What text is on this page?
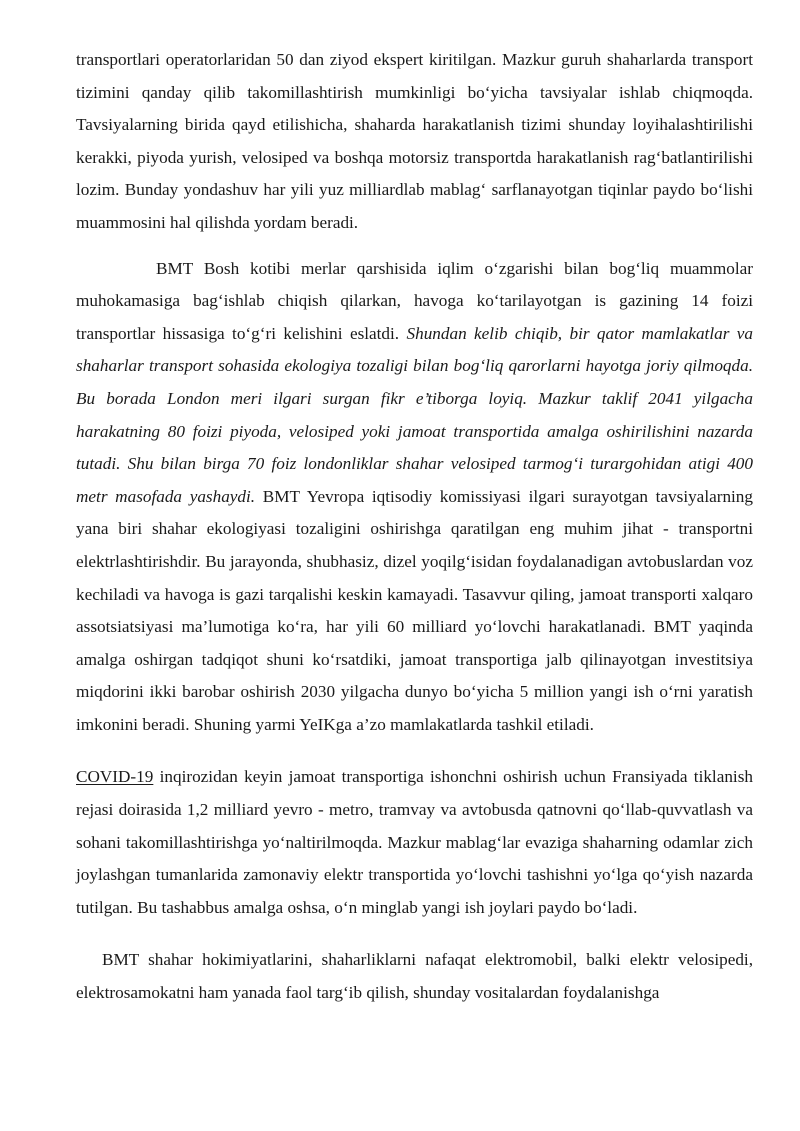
transportlari operatorlaridan 50 dan ziyod ekspert kiritilgan. Mazkur guruh shaharlarda transport tizimini qanday qilib takomillashtirish mumkinligi bo‘yicha tavsiyalar ishlab chiqmoqda. Tavsiyalarning birida qayd etilishicha, shaharda harakatlanish tizimi shunday loyihalashtirilishi kerakki, piyoda yurish, velosiped va boshqa motorsiz transportda harakatlanish rag‘batlantirilishi lozim. Bunday yondashuv har yili yuz milliardlab mablag‘ sarflanayotgan tiqinlar paydo bo‘lishi muammosini hal qilishda yordam beradi.

BMT Bosh kotibi merlar qarshisida iqlim o‘zgarishi bilan bog‘liq muammolar muhokamasiga bag‘ishlab chiqish qilarkan, havoga ko‘tarilayotgan is gazining 14 foizi transportlar hissasiga to‘g‘ri kelishini eslatdi. Shundan kelib chiqib, bir qator mamlakatlar va shaharlar transport sohasida ekologiya tozaligi bilan bog‘liq qarorlarni hayotga joriy qilmoqda. Bu borada London meri ilgari surgan fikr e’tiborga loyiq. Mazkur taklif 2041 yilgacha harakatning 80 foizi piyoda, velosiped yoki jamoat transportida amalga oshirilishini nazarda tutadi. Shu bilan birga 70 foiz londonliklar shahar velosiped tarmog‘i turargohidan atigi 400 metr masofada yashaydi. BMT Yevropa iqtisodiy komissiyasi ilgari surayotgan tavsiyalarning yana biri shahar ekologiyasi tozaligini oshirishga qaratilgan eng muhim jihat - transportni elektrlashtirishdir. Bu jarayonda, shubhasiz, dizel yoqilg‘isidan foydalanadigan avtobuslardan voz kechiladi va havoga is gazi tarqalishi keskin kamayadi. Tasavvur qiling, jamoat transporti xalqaro assotsiatsiyasi ma’lumotiga ko‘ra, har yili 60 milliard yo‘lovchi harakatlanadi. BMT yaqinda amalga oshirgan tadqiqot shuni ko‘rsatdiki, jamoat transportiga jalb qilinayotgan investitsiya miqdorini ikki barobar oshirish 2030 yilgacha dunyo bo‘yicha 5 million yangi ish o‘rni yaratish imkonini beradi. Shuning yarmi YeIKga a’zo mamlakatlarda tashkil etiladi.

COVID-19 inqirozidan keyin jamoat transportiga ishonchni oshirish uchun Fransiyada tiklanish rejasi doirasida 1,2 milliard yevro - metro, tramvay va avtobusda qatnovni qo‘llab-quvvatlash va sohani takomillashtirishga yo‘naltirilmoqda. Mazkur mablag‘lar evaziga shaharning odamlar zich joylashgan tumanlarida zamonaviy elektr transportida yo‘lovchi tashishni yo‘lga qo‘yish nazarda tutilgan. Bu tashabbus amalga oshsa, o‘n minglab yangi ish joylari paydo bo‘ladi.

BMT shahar hokimiyatlarini, shaharliklarni nafaqat elektromobil, balki elektr velosipedi, elektrosamokatni ham yanada faol targ‘ib qilish, shunday vositalardan foydalanishga
